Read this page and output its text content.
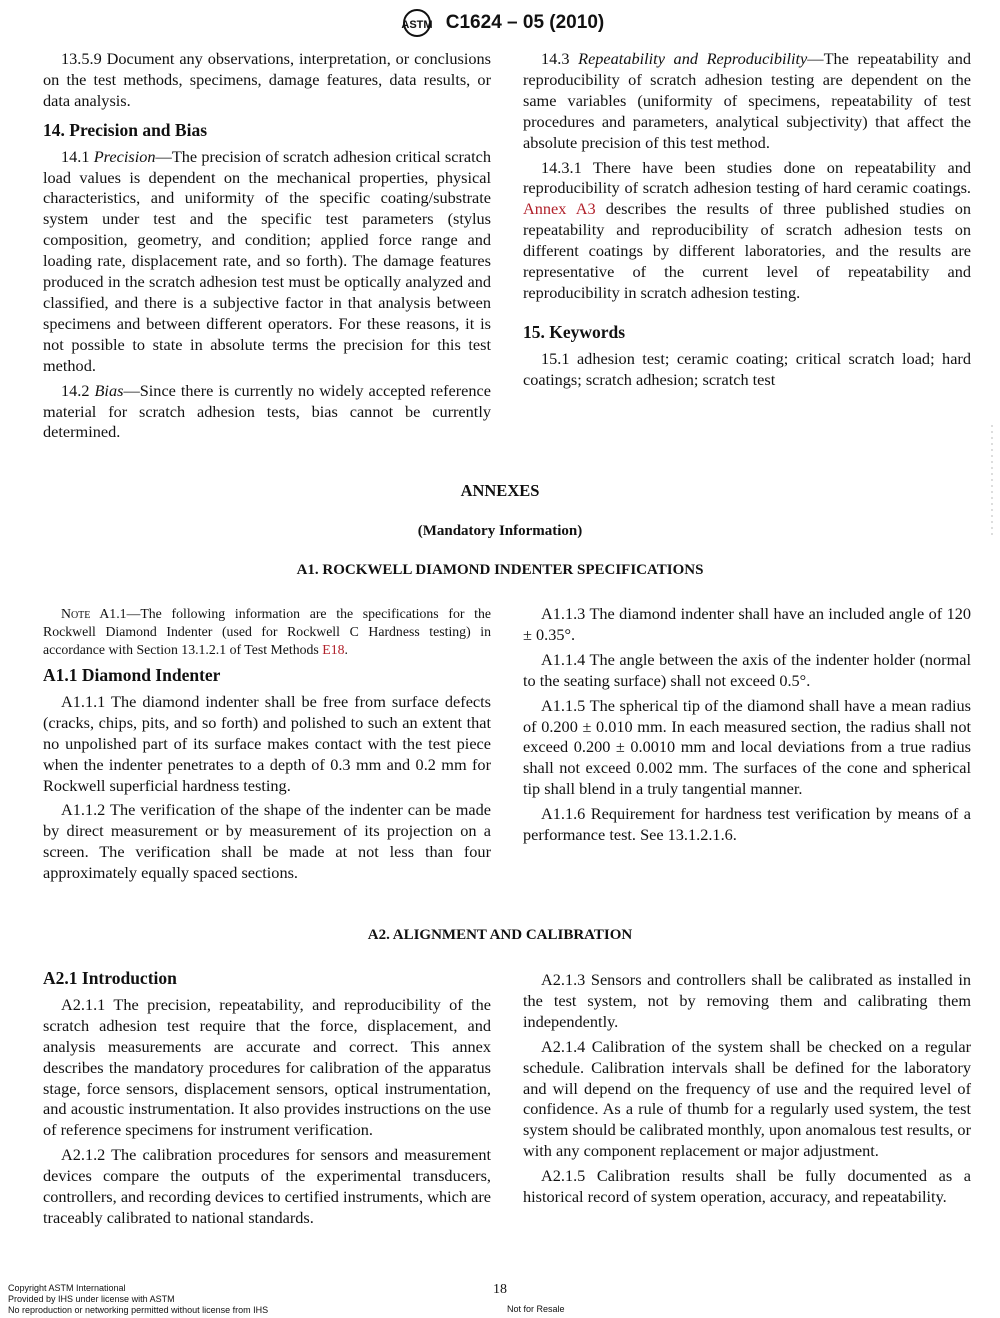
ASTM C1624 – 05 (2010)

13.5.9 Document any observations, interpretation, or conclusions on the test methods, specimens, damage features, data results, or data analysis.

14. Precision and Bias

14.1 Precision—The precision of scratch adhesion critical scratch load values is dependent on the mechanical properties, physical characteristics, and uniformity of the specific coating/substrate system under test and the specific test parameters (stylus composition, geometry, and condition; applied force range and loading rate, displacement rate, and so forth). The damage features produced in the scratch adhesion test must be optically analyzed and classified, and there is a subjective factor in that analysis between specimens and between different operators. For these reasons, it is not possible to state in absolute terms the precision for this test method.

14.2 Bias—Since there is currently no widely accepted reference material for scratch adhesion tests, bias cannot be currently determined.

14.3 Repeatability and Reproducibility—The repeatability and reproducibility of scratch adhesion testing are dependent on the same variables (uniformity of specimens, repeatability of test procedures and parameters, analytical subjectivity) that affect the absolute precision of this test method.

14.3.1 There have been studies done on repeatability and reproducibility of scratch adhesion testing of hard ceramic coatings. Annex A3 describes the results of three published studies on repeatability and reproducibility of scratch adhesion tests on different coatings by different laboratories, and the results are representative of the current level of repeatability and reproducibility in scratch adhesion testing.

15. Keywords

15.1 adhesion test; ceramic coating; critical scratch load; hard coatings; scratch adhesion; scratch test

ANNEXES
(Mandatory Information)
A1. ROCKWELL DIAMOND INDENTER SPECIFICATIONS

Note A1.1—The following information are the specifications for the Rockwell Diamond Indenter (used for Rockwell C Hardness testing) in accordance with Section 13.1.2.1 of Test Methods E18.

A1.1 Diamond Indenter

A1.1.1 The diamond indenter shall be free from surface defects (cracks, chips, pits, and so forth) and polished to such an extent that no unpolished part of its surface makes contact with the test piece when the indenter penetrates to a depth of 0.3 mm and 0.2 mm for Rockwell superficial hardness testing.

A1.1.2 The verification of the shape of the indenter can be made by direct measurement or by measurement of its projection on a screen. The verification shall be made at not less than four approximately equally spaced sections.

A1.1.3 The diamond indenter shall have an included angle of 120 ± 0.35°.

A1.1.4 The angle between the axis of the indenter holder (normal to the seating surface) shall not exceed 0.5°.

A1.1.5 The spherical tip of the diamond shall have a mean radius of 0.200 ± 0.010 mm. In each measured section, the radius shall not exceed 0.200 ± 0.0010 mm and local deviations from a true radius shall not exceed 0.002 mm. The surfaces of the cone and spherical tip shall blend in a truly tangential manner.

A1.1.6 Requirement for hardness test verification by means of a performance test. See 13.1.2.1.6.

A2. ALIGNMENT AND CALIBRATION
A2.1 Introduction

A2.1.1 The precision, repeatability, and reproducibility of the scratch adhesion test require that the force, displacement, and analysis measurements are accurate and correct. This annex describes the mandatory procedures for calibration of the apparatus stage, force sensors, displacement sensors, optical instrumentation, and acoustic instrumentation. It also provides instructions on the use of reference specimens for instrument verification.

A2.1.2 The calibration procedures for sensors and measurement devices compare the outputs of the experimental transducers, controllers, and recording devices to certified instruments, which are traceably calibrated to national standards.

A2.1.3 Sensors and controllers shall be calibrated as installed in the test system, not by removing them and calibrating them independently.

A2.1.4 Calibration of the system shall be checked on a regular schedule. Calibration intervals shall be defined for the laboratory and will depend on the frequency of use and the required level of confidence. As a rule of thumb for a regularly used system, the test system should be calibrated monthly, upon anomalous test results, or with any component replacement or major adjustment.

A2.1.5 Calibration results shall be fully documented as a historical record of system operation, accuracy, and repeatability.

Copyright ASTM International
Provided by IHS under license with ASTM
No reproduction or networking permitted without license from IHS
18
Not for Resale
